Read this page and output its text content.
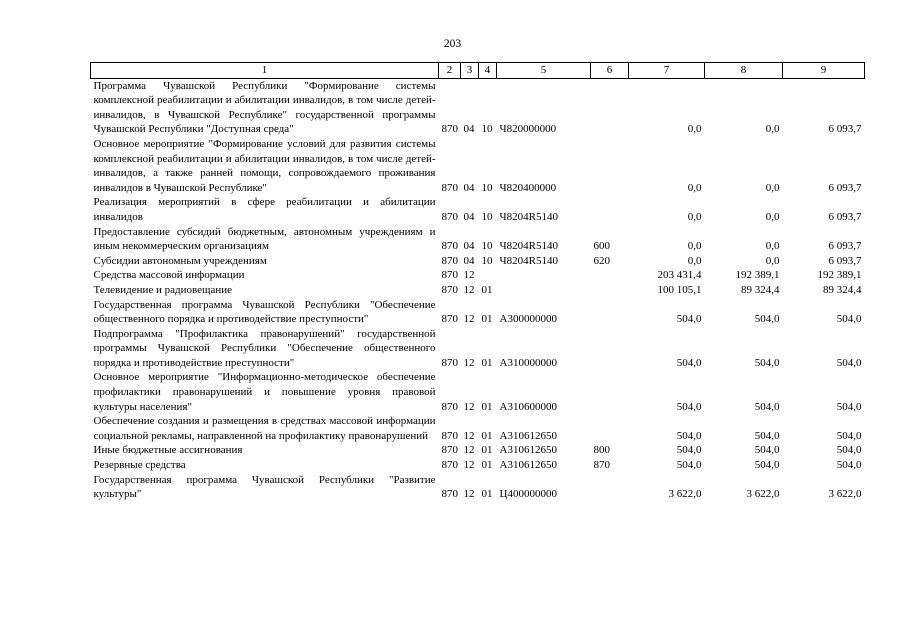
203
1	2	3	4	5	6	7	8	9
Программа Чувашской Республики "Формирование системы комплексной реабилитации и абилитации инвалидов, в том числе детей-инвалидов, в Чувашской Республике" государственной программы Чувашской Республики "Доступная среда"	870	04	10	Ч820000000		0,0	0,0	6 093,7
Основное мероприятие "Формирование условий для развития системы комплексной реабилитации и абилитации инвалидов, в том числе детей-инвалидов, а также ранней помощи, сопровождаемого проживания инвалидов в Чувашской Республике"	870	04	10	Ч820400000		0,0	0,0	6 093,7
Реализация мероприятий в сфере реабилитации и абилитации инвалидов	870	04	10	Ч8204R5140		0,0	0,0	6 093,7
Предоставление субсидий бюджетным, автономным учреждениям и иным некоммерческим организациям	870	04	10	Ч8204R5140	600	0,0	0,0	6 093,7
Субсидии автономным учреждениям	870	04	10	Ч8204R5140	620	0,0	0,0	6 093,7
Средства массовой информации	870	12				203 431,4	192 389,1	192 389,1
Телевидение и радиовещание	870	12	01			100 105,1	89 324,4	89 324,4
Государственная программа Чувашской Республики "Обеспечение общественного порядка и противодействие преступности"	870	12	01	А300000000		504,0	504,0	504,0
Подпрограмма "Профилактика правонарушений" государственной программы Чувашской Республики "Обеспечение общественного порядка и противодействие преступности"	870	12	01	А310000000		504,0	504,0	504,0
Основное мероприятие "Информационно-методическое обеспечение профилактики правонарушений и повышение уровня правовой культуры населения"	870	12	01	А310600000		504,0	504,0	504,0
Обеспечение создания и размещения в средствах массовой информации социальной рекламы, направленной на профилактику правонарушений	870	12	01	А310612650		504,0	504,0	504,0
Иные бюджетные ассигнования	870	12	01	А310612650	800	504,0	504,0	504,0
Резервные средства	870	12	01	А310612650	870	504,0	504,0	504,0
Государственная программа Чувашской Республики "Развитие культуры"	870	12	01	Ц400000000		3 622,0	3 622,0	3 622,0
